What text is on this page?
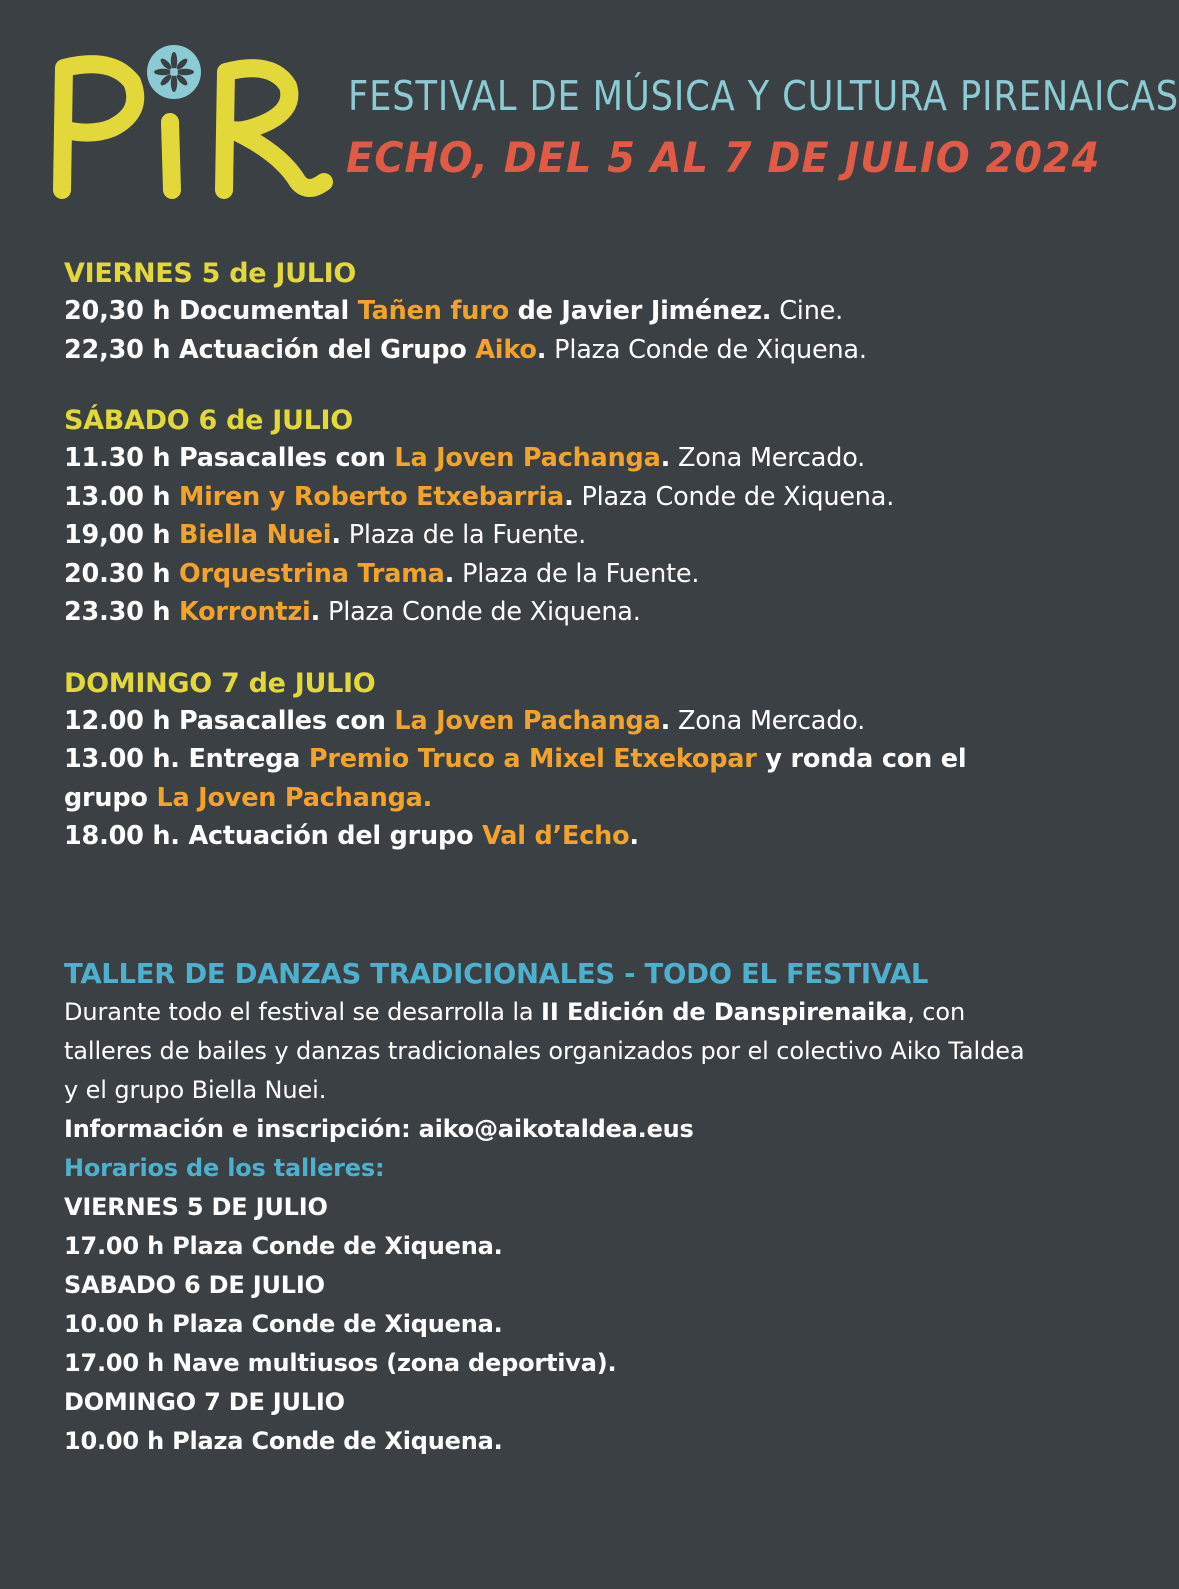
FESTIVAL DE MÚSICA Y CULTURA PIRENAICAS
ECHO, DEL 5 AL 7 DE JULIO 2024
VIERNES 5 de JULIO
20,30 h Documental Tañen furo de Javier Jiménez. Cine.
22,30 h Actuación del Grupo Aiko. Plaza Conde de Xiquena.
SÁBADO 6 de JULIO
11.30 h Pasacalles con La Joven Pachanga. Zona Mercado.
13.00 h Miren y Roberto Etxebarria. Plaza Conde de Xiquena.
19,00 h Biella Nuei. Plaza de la Fuente.
20.30 h Orquestrina Trama. Plaza de la Fuente.
23.30 h Korrontzi. Plaza Conde de Xiquena.
DOMINGO 7 de JULIO
12.00 h Pasacalles con La Joven Pachanga. Zona Mercado.
13.00 h. Entrega Premio Truco a Mixel Etxekopar y ronda con el grupo La Joven Pachanga.
18.00 h. Actuación del grupo Val d’Echo.
TALLER DE DANZAS TRADICIONALES - TODO EL FESTIVAL
Durante todo el festival se desarrolla la II Edición de Danspirenaika, con talleres de bailes y danzas tradicionales organizados por el colectivo Aiko Taldea y el grupo Biella Nuei.
Información e inscripción: aiko@aikotaldea.eus
Horarios de los talleres:
VIERNES 5 DE JULIO
17.00 h Plaza Conde de Xiquena.
SABADO 6 DE JULIO
10.00 h Plaza Conde de Xiquena.
17.00 h Nave multiusos (zona deportiva).
DOMINGO 7 DE JULIO
10.00 h Plaza Conde de Xiquena.
